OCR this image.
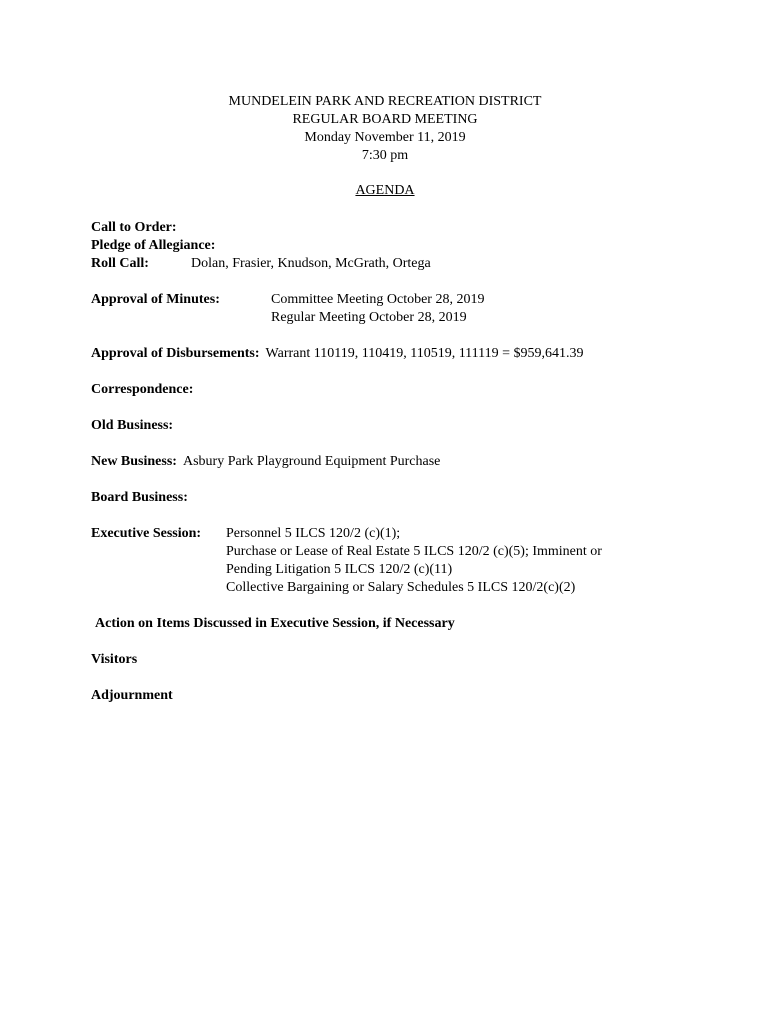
MUNDELEIN PARK AND RECREATION DISTRICT
REGULAR BOARD MEETING
Monday November 11, 2019
7:30 pm
AGENDA
Call to Order:
Pledge of Allegiance:
Roll Call:	Dolan, Frasier, Knudson, McGrath, Ortega
Approval of Minutes:	Committee Meeting October 28, 2019
Regular Meeting October 28, 2019
Approval of Disbursements: Warrant 110119, 110419, 110519, 111119 = $959,641.39
Correspondence:
Old Business:
New Business: Asbury Park Playground Equipment Purchase
Board Business:
Executive Session:	Personnel 5 ILCS 120/2 (c)(1);
Purchase or Lease of Real Estate 5 ILCS 120/2 (c)(5); Imminent or
Pending Litigation 5 ILCS 120/2 (c)(11)
Collective Bargaining or Salary Schedules 5 ILCS 120/2(c)(2)
Action on Items Discussed in Executive Session, if Necessary
Visitors
Adjournment
